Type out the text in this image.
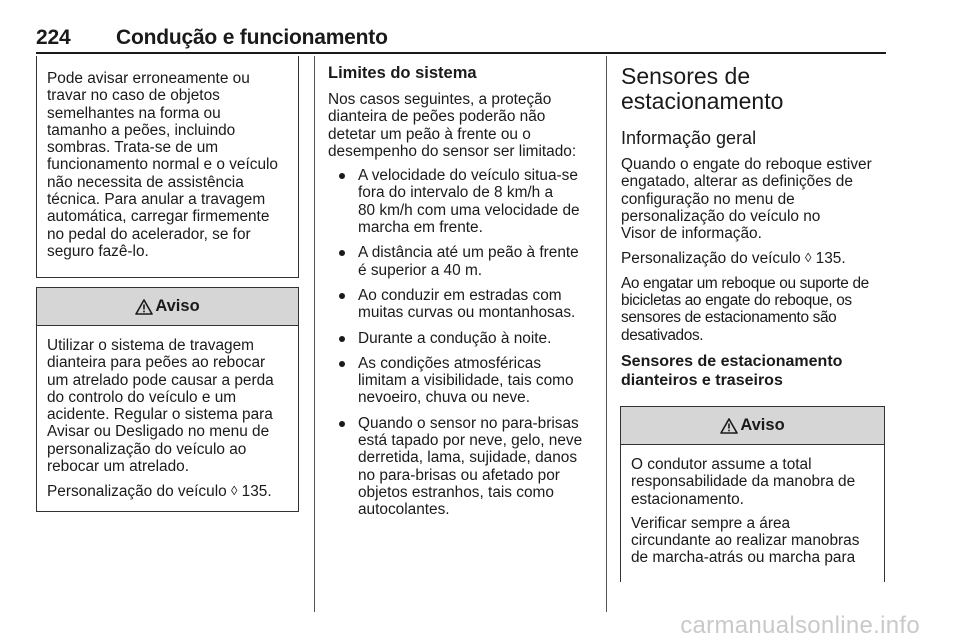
224 Condução e funcionamento

Pode avisar erroneamente ou
travar no caso de objetos
semelhantes na forma ou
tamanho a peões, incluindo
sombras. Trata-se de um
funcionamento normal e o veículo
não necessita de assistência
técnica. Para anular a travagem
automática, carregar firmemente
no pedal do acelerador, se for
seguro fazê-lo.

Aviso

Utilizar o sistema de travagem
dianteira para peões ao rebocar
um atrelado pode causar a perda
do controlo do veículo e um
acidente. Regular o sistema para
Avisar ou Desligado no menu de
personalização do veículo ao
rebocar um atrelado.

Personalização do veículo ◊ 135.

Limites do sistema

Nos casos seguintes, a proteção
dianteira de peões poderão não
detetar um peão à frente ou o
desempenho do sensor ser limitado:

A velocidade do veículo situa-se
fora do intervalo de 8 km/h a
80 km/h com uma velocidade de
marcha em frente.
A distância até um peão à frente
é superior a 40 m.
Ao conduzir em estradas com
muitas curvas ou montanhosas.
Durante a condução à noite.
As condições atmosféricas
limitam a visibilidade, tais como
nevoeiro, chuva ou neve.
Quando o sensor no para-brisas
está tapado por neve, gelo, neve
derretida, lama, sujidade, danos
no para-brisas ou afetado por
objetos estranhos, tais como
autocolantes.
Sensores de
estacionamento
Informação geral

Quando o engate do reboque estiver
engatado, alterar as definições de
configuração no menu de
personalização do veículo no
Visor de informação.

Personalização do veículo ◊ 135.

Ao engatar um reboque ou suporte de
bicicletas ao engate do reboque, os
sensores de estacionamento são
desativados.

Sensores de estacionamento
dianteiros e traseiros
Aviso

O condutor assume a total
responsabilidade da manobra de
estacionamento.

Verificar sempre a área
circundante ao realizar manobras
de marcha-atrás ou marcha para

carmanualsonline.info
